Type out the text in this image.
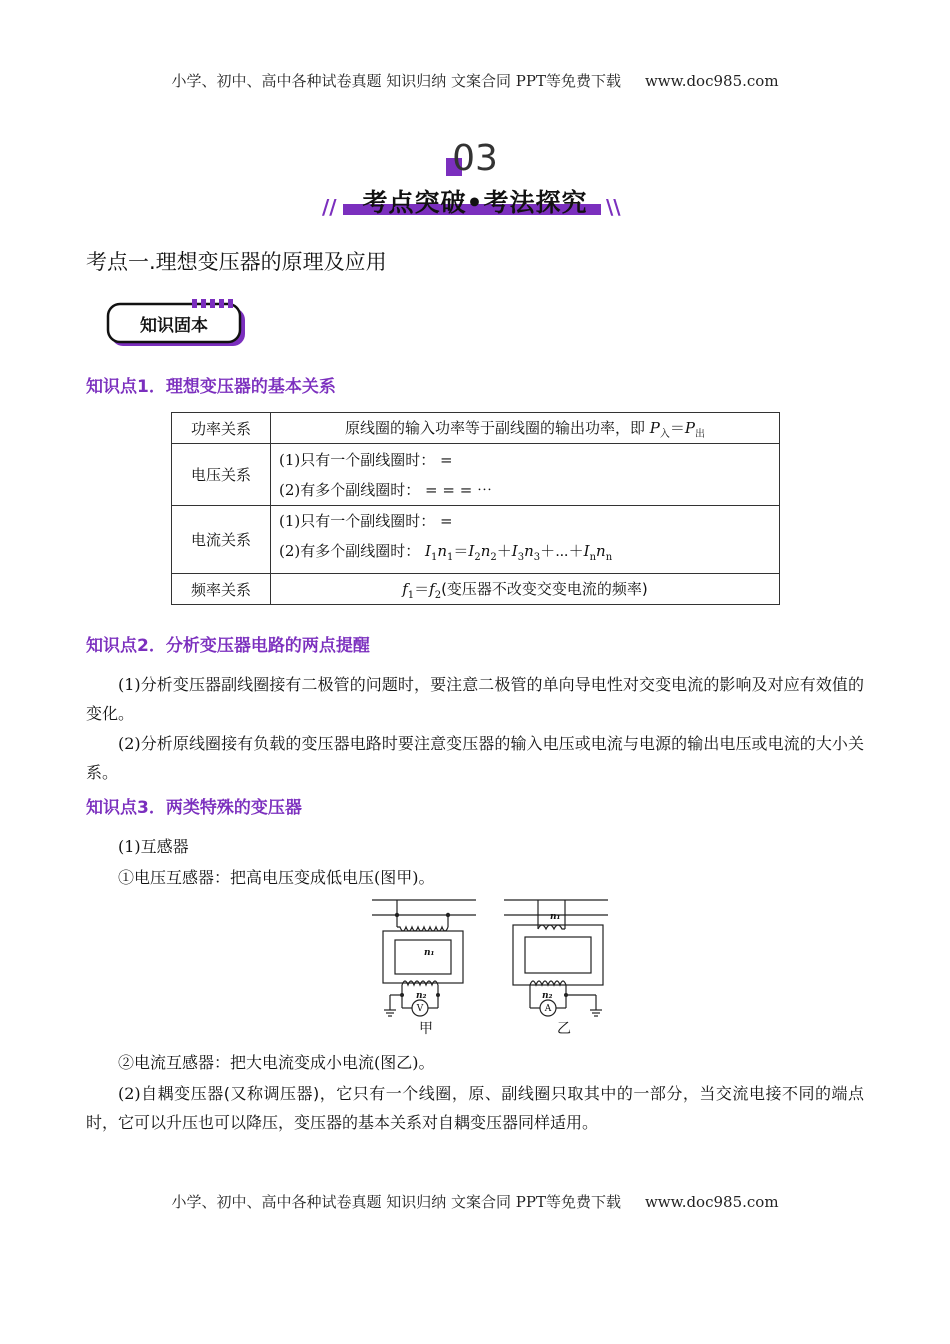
小学、初中、高中各种试卷真题 知识归纳 文案合同 PPT等免费下载 www.doc985.com
03
//	\\
考点突破•考法探究
考点一.理想变压器的原理及应用
知识固本
知识点1．理想变压器的基本关系
功率关系	原线圈的输入功率等于副线圈的输出功率，即 $P_入=P_出$
电压关系	(1)只有一个副线圈时： =
(2)有多个副线圈时： = = = ⋯

电流关系	(1)只有一个副线圈时： =
(2)有多个副线圈时： $I_1n_1=I_2n_2+I_3n_3+\cdots+I_nn_n$

频率关系	$f_1=f_2$(变压器不改变交变电流的频率)
知识点2．分析变压器电路的两点提醒
(1)分析变压器副线圈接有二极管的问题时，要注意二极管的单向导电性对交变电流的影响及对应有效值的变化。
(2)分析原线圈接有负载的变压器电路时要注意变压器的输入电压或电流与电源的输出电压或电流的大小关系。
知识点3．两类特殊的变压器
(1)互感器
①电压互感器：把高电压变成低电压(图甲)。
n₁
n₂
n₁
n₂
V	A
甲	乙
②电流互感器：把大电流变成小电流(图乙)。
(2)自耦变压器(又称调压器)，它只有一个线圈，原、副线圈只取其中的一部分，当交流电接不同的端点时，它可以升压也可以降压，变压器的基本关系对自耦变压器同样适用。
小学、初中、高中各种试卷真题 知识归纳 文案合同 PPT等免费下载 www.doc985.com
